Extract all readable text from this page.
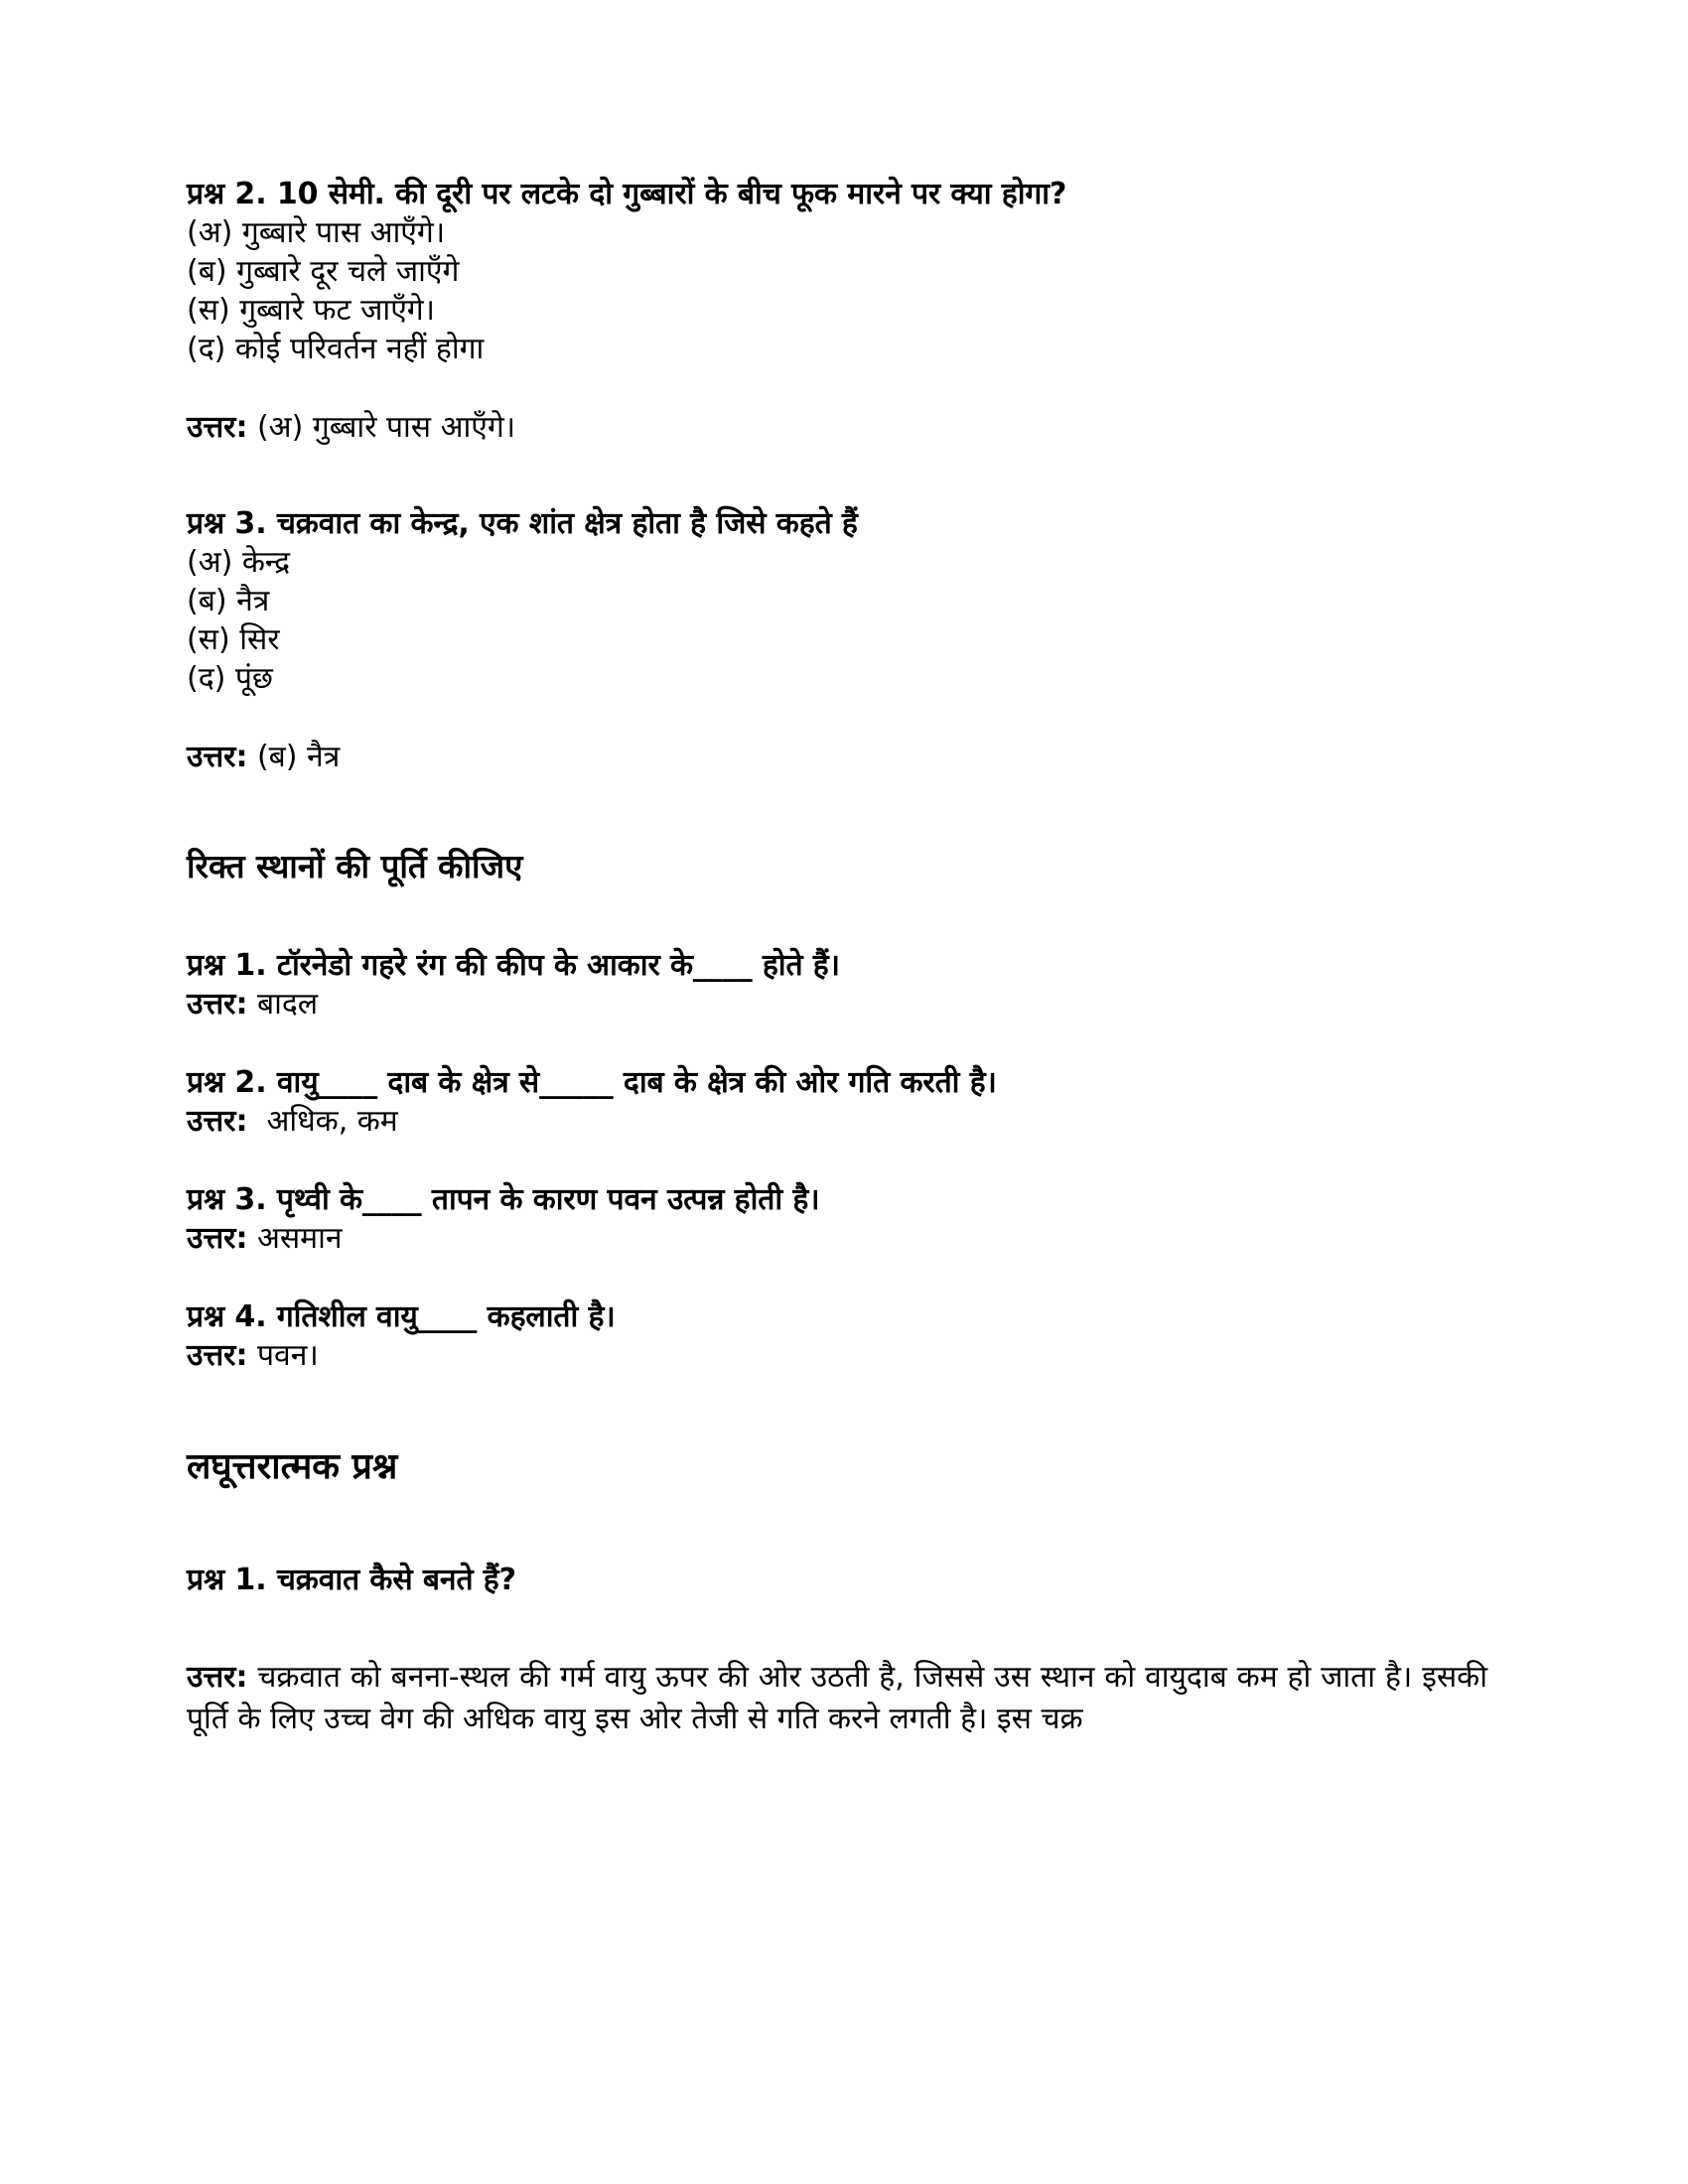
प्रश्न 2. 10 सेमी. की दूरी पर लटके दो गुब्बारों के बीच फूक मारने पर क्या होगा?

(अ) गुब्बारे पास आएँगे।

(ब) गुब्बारे दूर चले जाएँगे

(स) गुब्बारे फट जाएँगे।

(द) कोई परिवर्तन नहीं होगा

उत्तर: (अ) गुब्बारे पास आएँगे।

प्रश्न 3. चक्रवात का केन्द्र, एक शांत क्षेत्र होता है जिसे कहते हैं

(अ) केन्द्र

(ब) नैत्र

(स) सिर

(द) पूंछ

उत्तर: (ब) नैत्र

रिक्त स्थानों की पूर्ति कीजिए

प्रश्न 1. टॉरनेडो गहरे रंग की कीप के आकार के____ होते हैं।

उत्तर: बादल

प्रश्न 2. वायु____ दाब के क्षेत्र से_____ दाब के क्षेत्र की ओर गति करती है।

उत्तर:  अधिक, कम

प्रश्न 3. पृथ्वी के____ तापन के कारण पवन उत्पन्न होती है।

उत्तर: असमान

प्रश्न 4. गतिशील वायु____ कहलाती है।

उत्तर: पवन।

लघूत्तरात्मक प्रश्न

प्रश्न 1. चक्रवात कैसे बनते हैं?

उत्तर: चक्रवात को बनना-स्थल की गर्म वायु ऊपर की ओर उठती है, जिससे उस स्थान को वायुदाब कम हो जाता है। इसकी पूर्ति के लिए उच्च वेग की अधिक वायु इस ओर तेजी से गति करने लगती है। इस चक्र
